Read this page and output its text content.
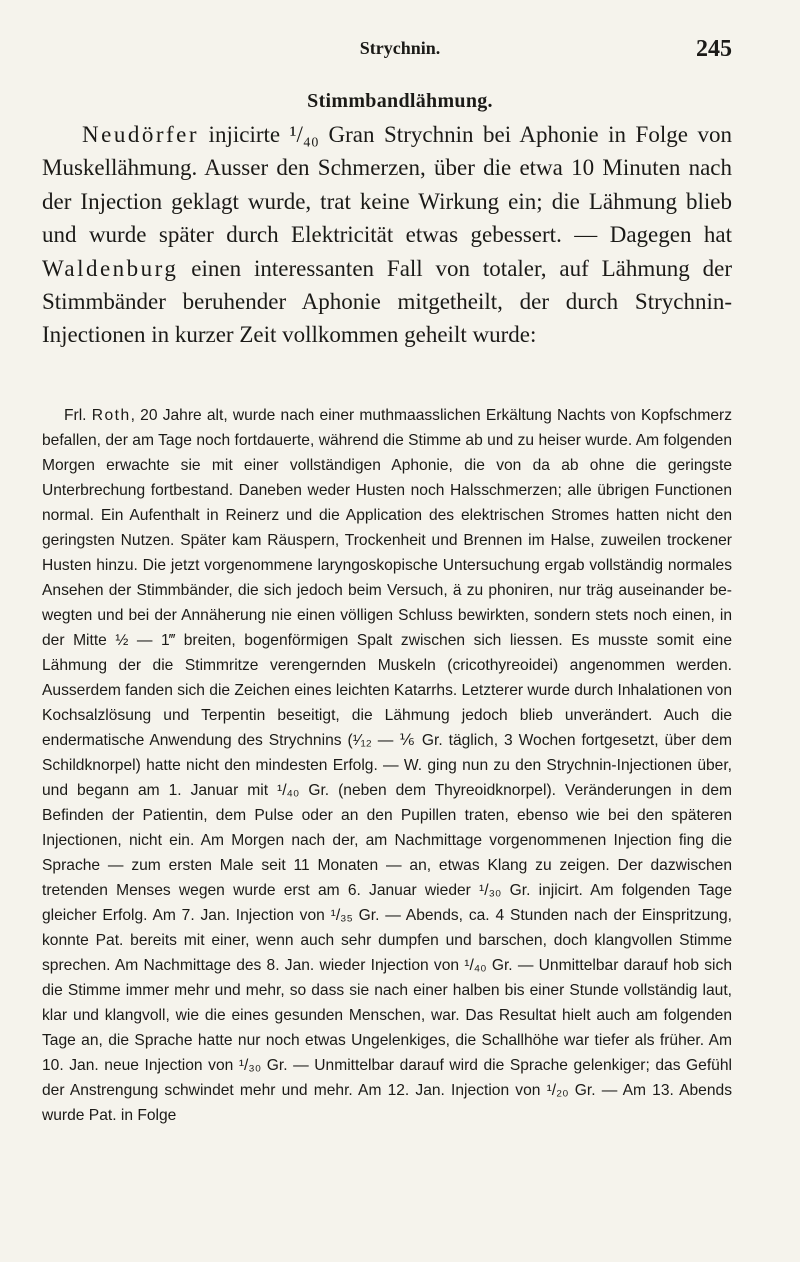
Strychnin.	245
Stimmbandlähmung.

Neudörfer injicirte ¹/₄₀ Gran Strychnin bei Aphonie in Folge von Muskellähmung. Ausser den Schmerzen, über die etwa 10 Minuten nach der Injection geklagt wurde, trat keine Wirkung ein; die Lähmung blieb und wurde später durch Elektricität etwas gebessert. — Dagegen hat Waldenburg einen interessanten Fall von totaler, auf Lähmung der Stimmbänder beruhender Aphonie mitgetheilt, der durch Strychnin-Injectionen in kurzer Zeit vollkommen geheilt wurde:

Frl. Roth, 20 Jahre alt, wurde nach einer muthmaasslichen Erkältung Nachts von Kopfschmerz befallen, der am Tage noch fortdauerte, während die Stimme ab und zu heiser wurde. Am folgenden Morgen erwachte sie mit einer vollständigen Aphonie, die von da ab ohne die geringste Unterbrechung fortbestand. Daneben weder Husten noch Halsschmerzen; alle übrigen Functionen normal. Ein Aufenthalt in Reinerz und die Application des elektrischen Stromes hatten nicht den geringsten Nutzen. Später kam Räuspern, Trockenheit und Brennen im Halse, zuweilen trockener Husten hinzu. Die jetzt vorgenommene laryngoskopische Untersuchung ergab vollständig normales Ansehen der Stimmbänder, die sich jedoch beim Versuch, ä zu phoniren, nur träg auseinander bewegten und bei der Annäherung nie einen völligen Schluss bewirkten, sondern stets noch einen, in der Mitte ½ — 1‴ breiten, bogenförmigen Spalt zwischen sich liessen. Es musste somit eine Lähmung der die Stimmritze verengernden Muskeln (cricothyreoidei) angenommen werden. Ausserdem fanden sich die Zeichen eines leichten Katarrhs. Letzterer wurde durch Inhalationen von Kochsalzlösung und Terpentin beseitigt, die Lähmung jedoch blieb unverändert. Auch die endermatische Anwendung des Strychnins (¹⁄₁₂ — ⅙ Gr. täglich, 3 Wochen fortgesetzt, über dem Schildknorpel) hatte nicht den mindesten Erfolg. — W. ging nun zu den Strychnin-Injectionen über, und begann am 1. Januar mit ¹/₄₀ Gr. (neben dem Thyreoidknorpel). Veränderungen in dem Befinden der Patientin, dem Pulse oder an den Pupillen traten, ebenso wie bei den späteren Injectionen, nicht ein. Am Morgen nach der, am Nachmittage vorgenommenen Injection fing die Sprache — zum ersten Male seit 11 Monaten — an, etwas Klang zu zeigen. Der dazwischen tretenden Menses wegen wurde erst am 6. Januar wieder ¹/₃₀ Gr. injicirt. Am folgenden Tage gleicher Erfolg. Am 7. Jan. Injection von ¹/₃₅ Gr. — Abends, ca. 4 Stunden nach der Einspritzung, konnte Pat. bereits mit einer, wenn auch sehr dumpfen und barschen, doch klangvollen Stimme sprechen. Am Nachmittage des 8. Jan. wieder Injection von ¹/₄₀ Gr. — Unmittelbar darauf hob sich die Stimme immer mehr und mehr, so dass sie nach einer halben bis einer Stunde vollständig laut, klar und klangvoll, wie die eines gesunden Menschen, war. Das Resultat hielt auch am folgenden Tage an, die Sprache hatte nur noch etwas Ungelenkiges, die Schallhöhe war tiefer als früher. Am 10. Jan. neue Injection von ¹/₃₀ Gr. — Unmittelbar darauf wird die Sprache gelenkiger; das Gefühl der Anstrengung schwindet mehr und mehr. Am 12. Jan. Injection von ¹/₂₀ Gr. — Am 13. Abends wurde Pat. in Folge
